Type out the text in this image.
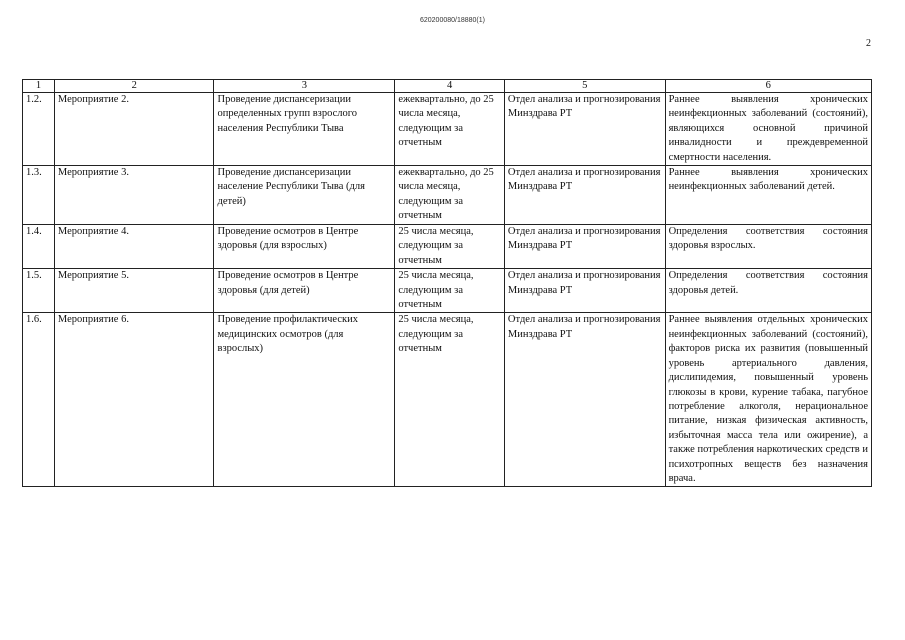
620200080/18880(1)
2
1	2	3	4	5	6
1.2.	Мероприятие 2.	Проведение диспансеризации определенных групп взрослого населения Республики Тыва	ежеквартально, до 25 числа месяца, следующим за отчетным	Отдел анализа и прогнозирования Минздрава РТ	Раннее выявления хронических неинфекционных заболеваний (состояний), являющихся основной причиной инвалидности и преждевременной смертности населения.
1.3.	Мероприятие 3.	Проведение диспансеризации население Республики Тыва (для детей)	ежеквартально, до 25 числа месяца, следующим за отчетным	Отдел анализа и прогнозирования Минздрава РТ	Раннее выявления хронических неинфекционных заболеваний детей.
1.4.	Мероприятие 4.	Проведение осмотров в Центре здоровья (для взрослых)	25 числа месяца, следующим за отчетным	Отдел анализа и прогнозирования Минздрава РТ	Определения соответствия состояния здоровья взрослых.
1.5.	Мероприятие 5.	Проведение осмотров в Центре здоровья (для детей)	25 числа месяца, следующим за отчетным	Отдел анализа и прогнозирования Минздрава РТ	Определения соответствия состояния здоровья детей.
1.6.	Мероприятие 6.	Проведение профилактических медицинских осмотров (для взрослых)	25 числа месяца, следующим за отчетным	Отдел анализа и прогнозирования Минздрава РТ	Раннее выявления отдельных хронических неинфекционных заболеваний (состояний), факторов риска их развития (повышенный уровень артериального давления, дислипидемия, повышенный уровень глюкозы в крови, курение табака, пагубное потребление алкоголя, нерациональное питание, низкая физическая активность, избыточная масса тела или ожирение), а также потребления наркотических средств и психотропных веществ без назначения врача.
